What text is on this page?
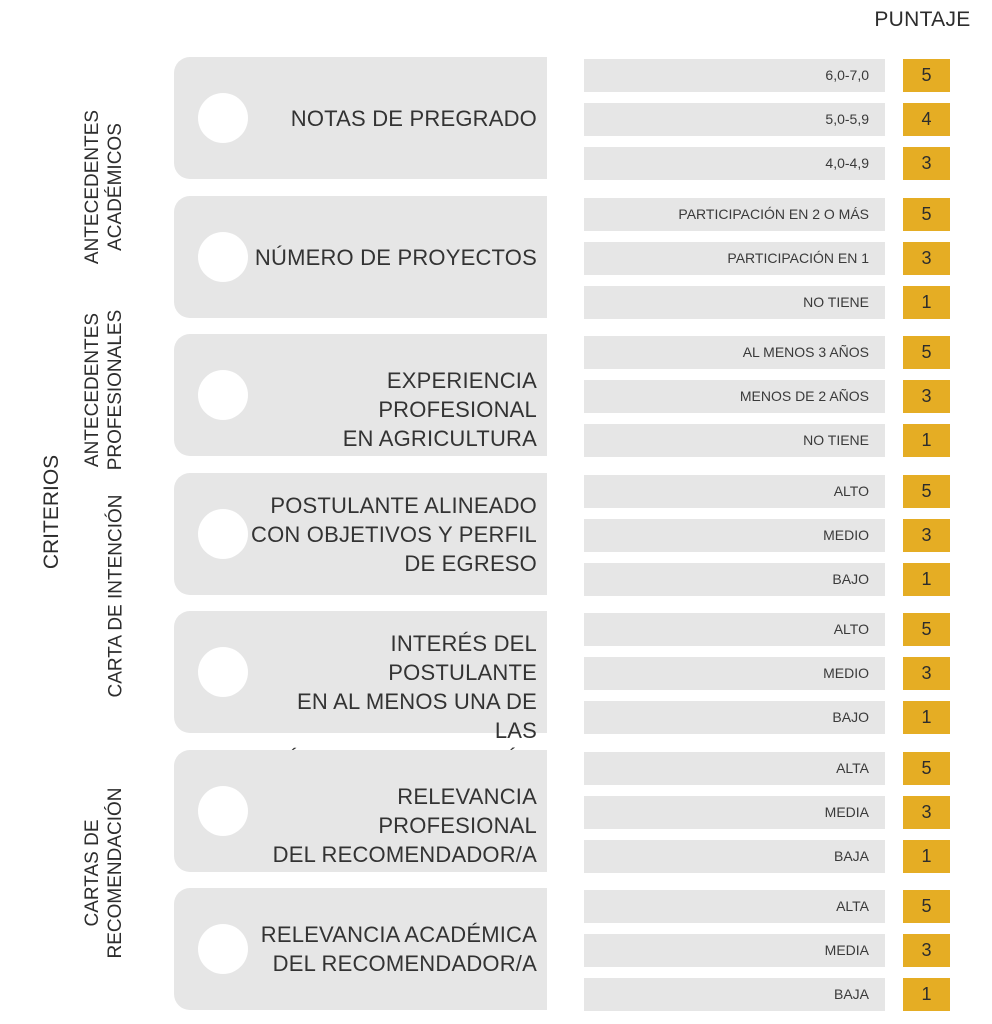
PUNTAJE
CRITERIOS
ANTECEDENTES ACADÉMICOS
ANTECEDENTES PROFESIONALES
CARTA DE INTENCIÓN
CARTAS DE RECOMENDACIÓN
NOTAS DE PREGRADO
6,0-7,0	5
5,0-5,9	4
4,0-4,9	3
NÚMERO DE PROYECTOS
PARTICIPACIÓN EN 2 O MÁS	5
PARTICIPACIÓN EN 1	3
NO TIENE	1
EXPERIENCIA PROFESIONAL
EN AGRICULTURA
AL MENOS 3 AÑOS	5
MENOS DE 2 AÑOS	3
NO TIENE	1
POSTULANTE ALINEADO
CON OBJETIVOS Y PERFIL
DE EGRESO
ALTO	5
MEDIO	3
BAJO	1
INTERÉS DEL POSTULANTE
EN AL MENOS UNA DE LAS
ALTO	5
MEDIO	3
BAJO	1
RELEVANCIA PROFESIONAL
DEL RECOMENDADOR/A
ALTA	5
MEDIA	3
BAJA	1
RELEVANCIA ACADÉMICA
DEL RECOMENDADOR/A
ALTA	5
MEDIA	3
BAJA	1
